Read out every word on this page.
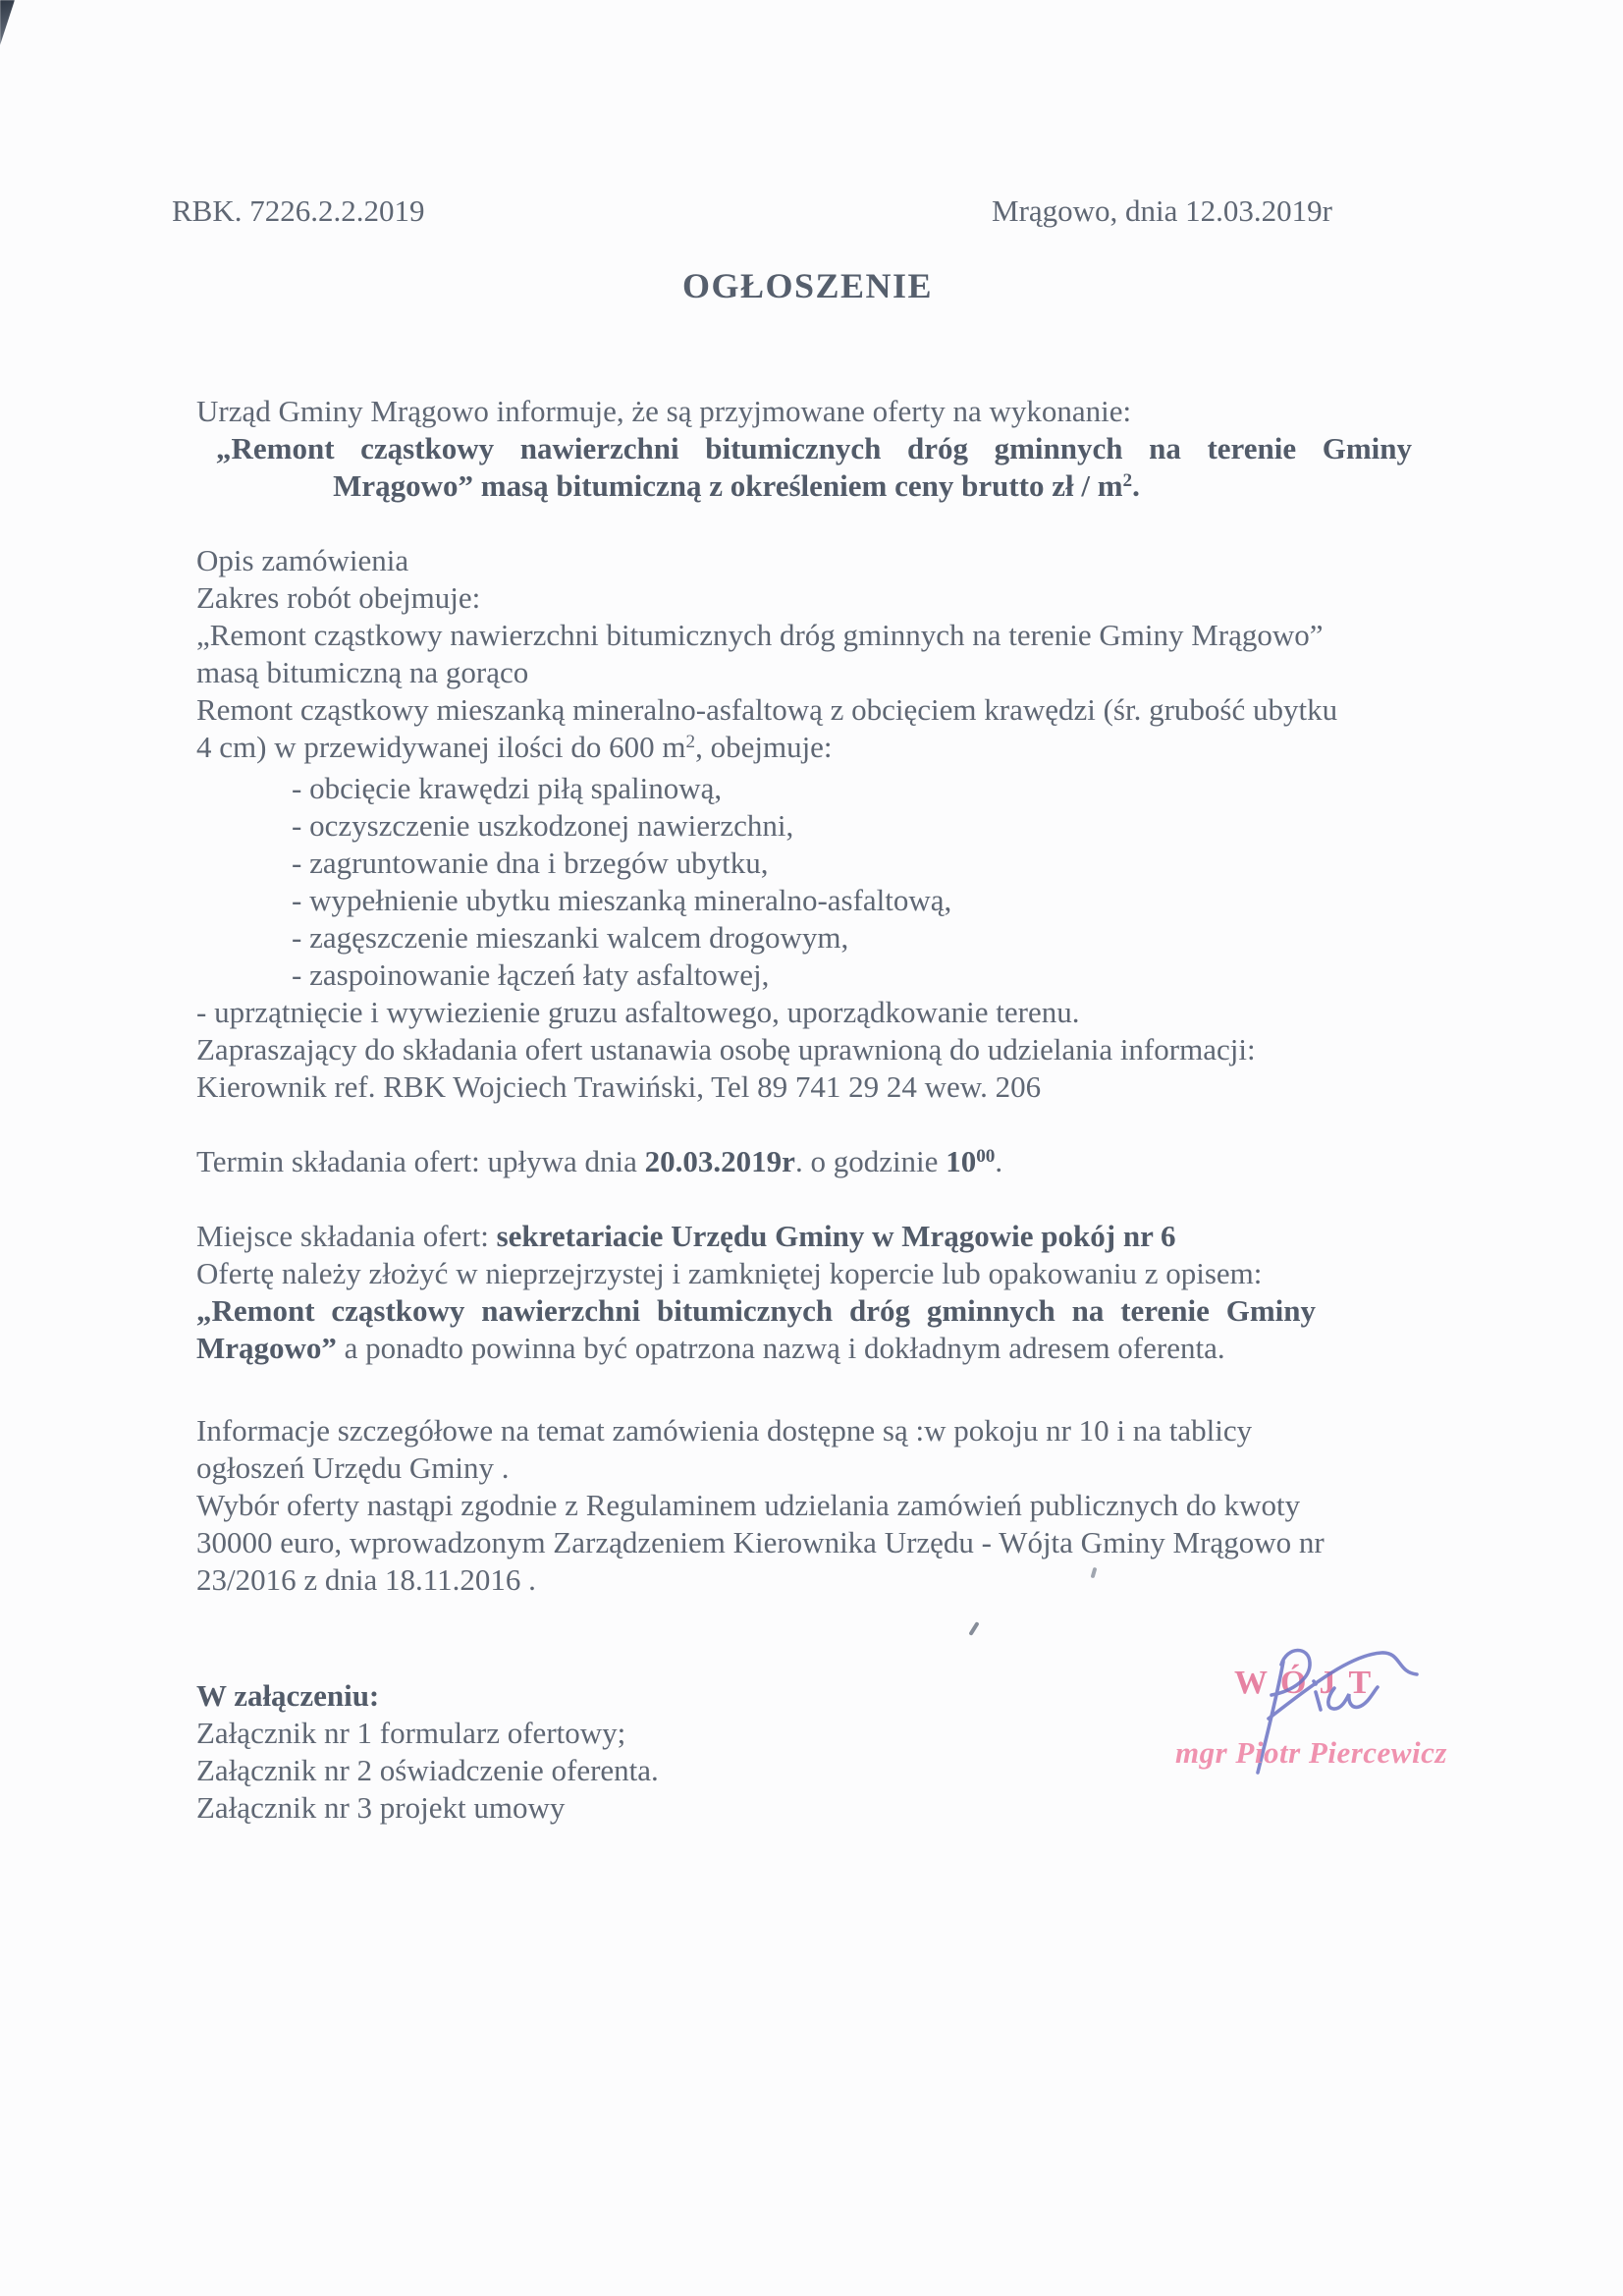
RBK. 7226.2.2.2019	Mrągowo, dnia 12.03.2019r
OGŁOSZENIE
Urząd Gminy Mrągowo informuje, że są przyjmowane oferty na wykonanie:
„Remont cząstkowy nawierzchni bitumicznych dróg gminnych na terenie Gminy
Mrągowo” masą bitumiczną z określeniem ceny brutto zł / $m^2$.

Opis zamówienia
Zakres robót obejmuje:
„Remont cząstkowy nawierzchni bitumicznych dróg gminnych na terenie Gminy Mrągowo”
masą bitumiczną na gorąco
Remont cząstkowy mieszanką mineralno-asfaltową z obcięciem krawędzi (śr. grubość ubytku
4 cm) w przewidywanej ilości do 600 $m^2$, obejmuje:
- obcięcie krawędzi piłą spalinową,
- oczyszczenie uszkodzonej nawierzchni,
- zagruntowanie dna i brzegów ubytku,
- wypełnienie ubytku mieszanką mineralno-asfaltową,
- zagęszczenie mieszanki walcem drogowym,
- zaspoinowanie łączeń łaty asfaltowej,
- uprzątnięcie i wywiezienie gruzu asfaltowego, uporządkowanie terenu.
Zapraszający do składania ofert ustanawia osobę uprawnioną do udzielania informacji:
Kierownik ref. RBK Wojciech Trawiński, Tel 89 741 29 24 wew. 206

Termin składania ofert: upływa dnia 20.03.2019r. o godzinie $10^{00}$.

Miejsce składania ofert: sekretariacie Urzędu Gminy w Mrągowie pokój nr 6
Ofertę należy złożyć w nieprzejrzystej i zamkniętej kopercie lub opakowaniu z opisem:
„Remont cząstkowy nawierzchni bitumicznych dróg gminnych na terenie Gminy
Mrągowo” a ponadto powinna być opatrzona nazwą i dokładnym adresem oferenta.

Informacje szczegółowe na temat zamówienia dostępne są :w pokoju nr 10 i na tablicy
ogłoszeń Urzędu Gminy .
Wybór oferty nastąpi zgodnie z Regulaminem udzielania zamówień publicznych do kwoty
30000 euro, wprowadzonym Zarządzeniem Kierownika Urzędu - Wójta Gminy Mrągowo nr
23/2016 z dnia 18.11.2016 .

W załączeniu:
Załącznik nr 1 formularz ofertowy;
Załącznik nr 2 oświadczenie oferenta.
Załącznik nr 3 projekt umowy
WÓJT
mgr Piotr Piercewicz
